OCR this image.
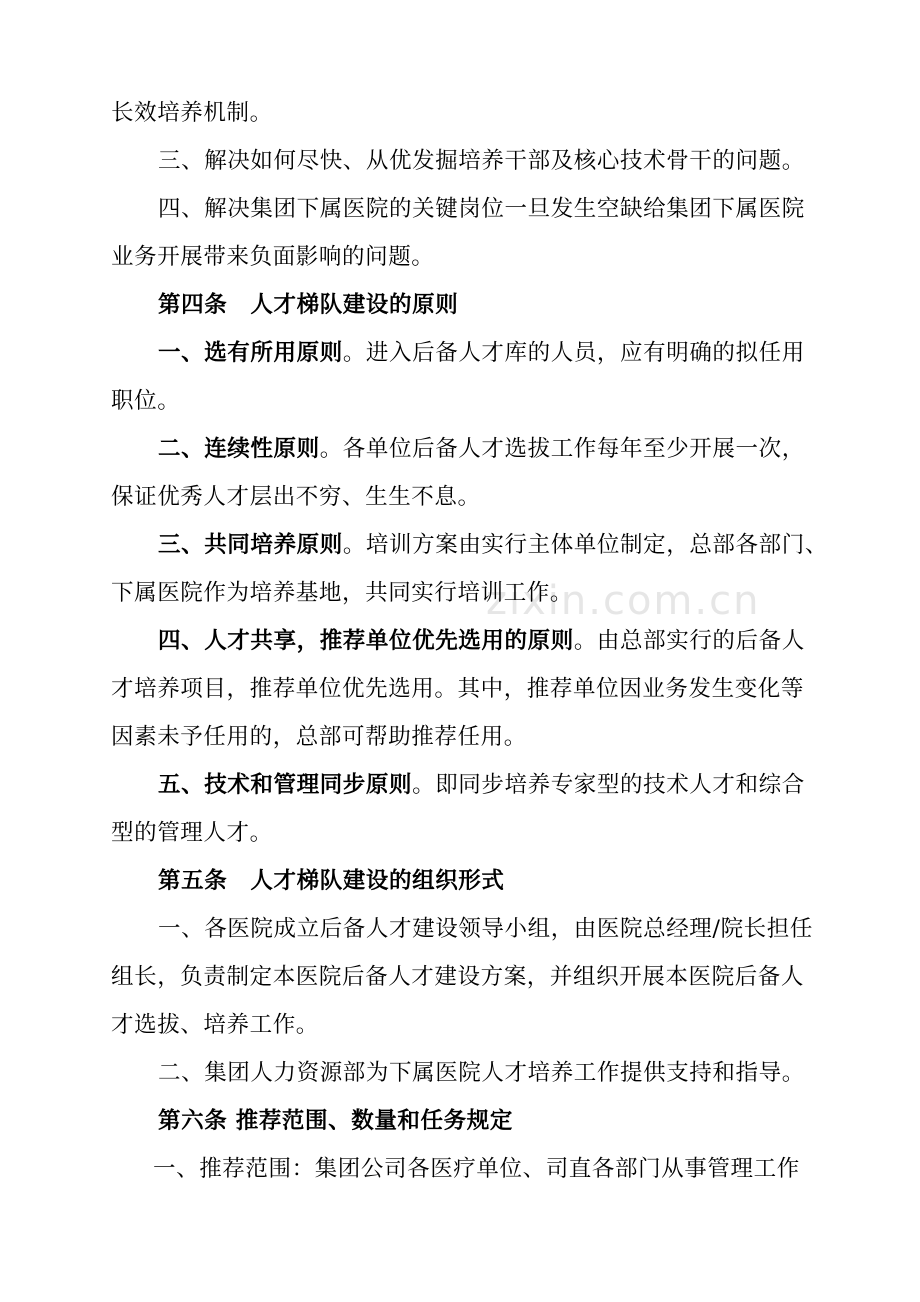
zixin.com.cn
长效培养机制。
三、解决如何尽快、从优发掘培养干部及核心技术骨干的问题。
四、解决集团下属医院的关键岗位一旦发生空缺给集团下属医院
业务开展带来负面影响的问题。
第四条　人才梯队建设的原则
一、选有所用原则。进入后备人才库的人员，应有明确的拟任用
职位。
二、连续性原则。各单位后备人才选拔工作每年至少开展一次，
保证优秀人才层出不穷、生生不息。
三、共同培养原则。培训方案由实行主体单位制定，总部各部门、
下属医院作为培养基地，共同实行培训工作。
四、人才共享，推荐单位优先选用的原则。由总部实行的后备人
才培养项目，推荐单位优先选用。其中，推荐单位因业务发生变化等
因素未予任用的，总部可帮助推荐任用。
五、技术和管理同步原则。即同步培养专家型的技术人才和综合
型的管理人才。
第五条　人才梯队建设的组织形式
一、各医院成立后备人才建设领导小组，由医院总经理/院长担任
组长，负责制定本医院后备人才建设方案，并组织开展本医院后备人
才选拔、培养工作。
二、集团人力资源部为下属医院人才培养工作提供支持和指导。
第六条 推荐范围、数量和任务规定
一、推荐范围：集团公司各医疗单位、司直各部门从事管理工作
